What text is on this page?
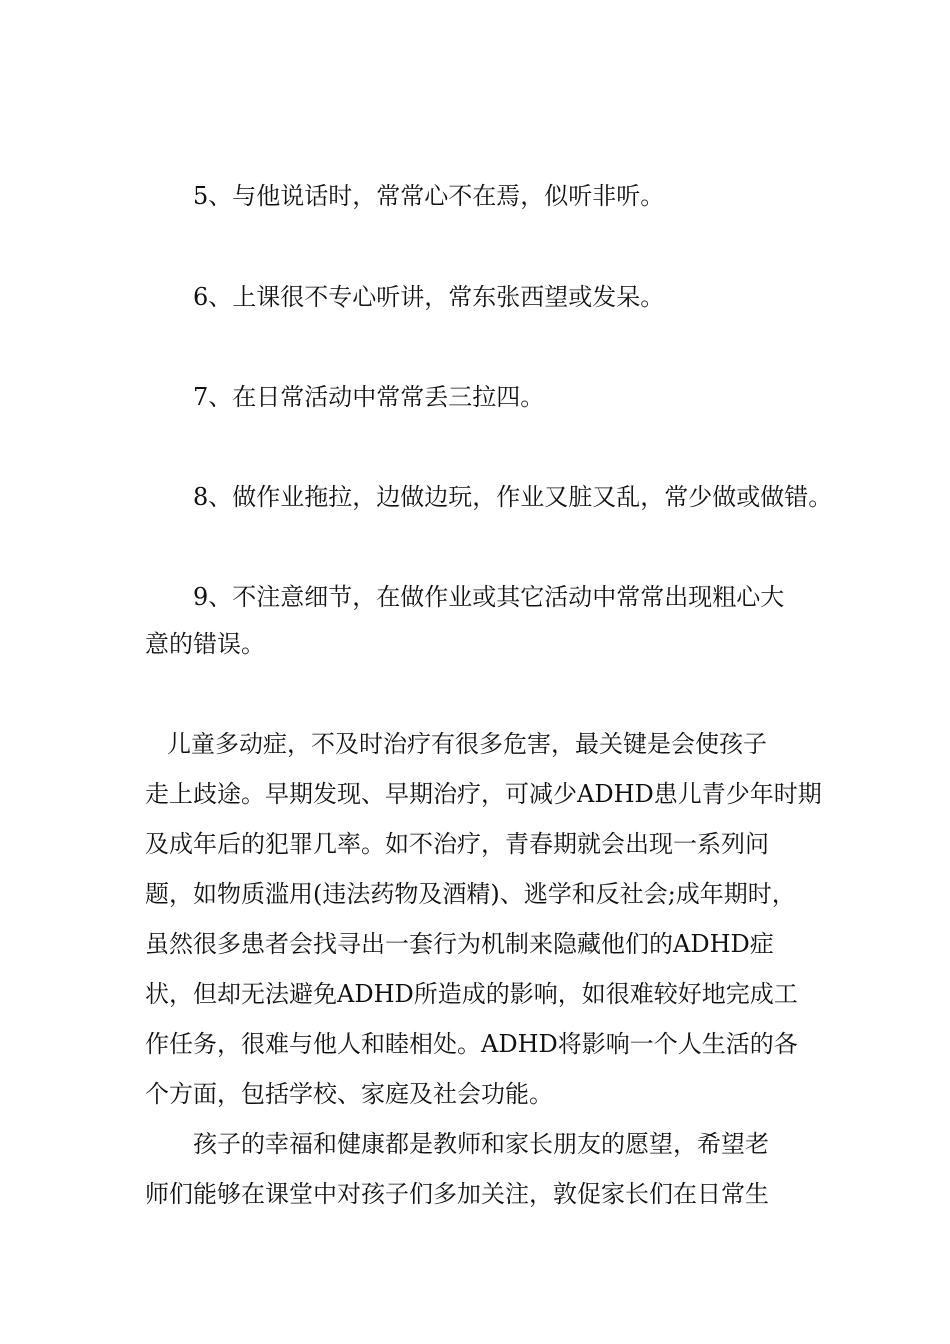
5、与他说话时，常常心不在焉，似听非听。
6、上课很不专心听讲，常东张西望或发呆。
7、在日常活动中常常丢三拉四。
8、做作业拖拉，边做边玩，作业又脏又乱，常少做或做错。
9、不注意细节，在做作业或其它活动中常常出现粗心大
意的错误。
儿童多动症，不及时治疗有很多危害，最关键是会使孩子
走上歧途。早期发现、早期治疗，可减少ADHD患儿青少年时期
及成年后的犯罪几率。如不治疗，青春期就会出现一系列问
题，如物质滥用(违法药物及酒精)、逃学和反社会;成年期时，
虽然很多患者会找寻出一套行为机制来隐藏他们的ADHD症
状，但却无法避免ADHD所造成的影响，如很难较好地完成工
作任务，很难与他人和睦相处。ADHD将影响一个人生活的各
个方面，包括学校、家庭及社会功能。
孩子的幸福和健康都是教师和家长朋友的愿望，希望老
师们能够在课堂中对孩子们多加关注，敦促家长们在日常生
